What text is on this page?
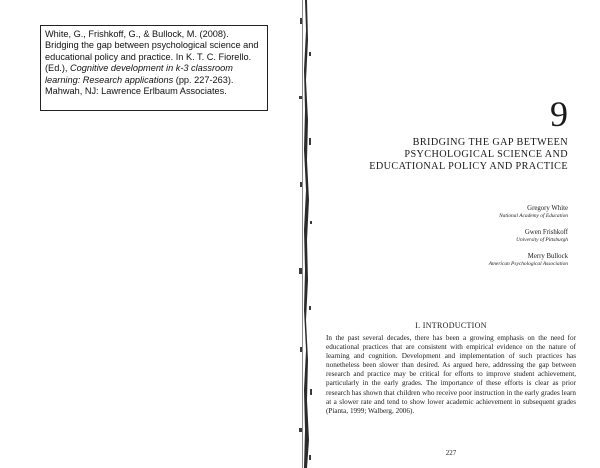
White, G., Frishkoff, G., & Bullock, M. (2008). Bridging the gap between psychological science and educational policy and practice. In K. T. C. Fiorello. (Ed.), Cognitive development in k-3 classroom learning: Research applications (pp. 227-263). Mahwah, NJ: Lawrence Erlbaum Associates.
9
BRIDGING THE GAP BETWEEN
PSYCHOLOGICAL SCIENCE AND
EDUCATIONAL POLICY AND PRACTICE
Gregory White
National Academy of Education
Gwen Frishkoff
University of Pittsburgh
Merry Bullock
American Psychological Association
I. INTRODUCTION
In the past several decades, there has been a growing emphasis on the need for educational practices that are consistent with empirical evidence on the nature of learning and cognition. Development and implementation of such practices has nonetheless been slower than desired. As argued here, addressing the gap between research and practice may be critical for efforts to improve student achievement, particularly in the early grades. The importance of these efforts is clear as prior research has shown that children who receive poor instruction in the early grades learn at a slower rate and tend to show lower academic achievement in subsequent grades (Pianta, 1999; Walberg, 2006).
227
